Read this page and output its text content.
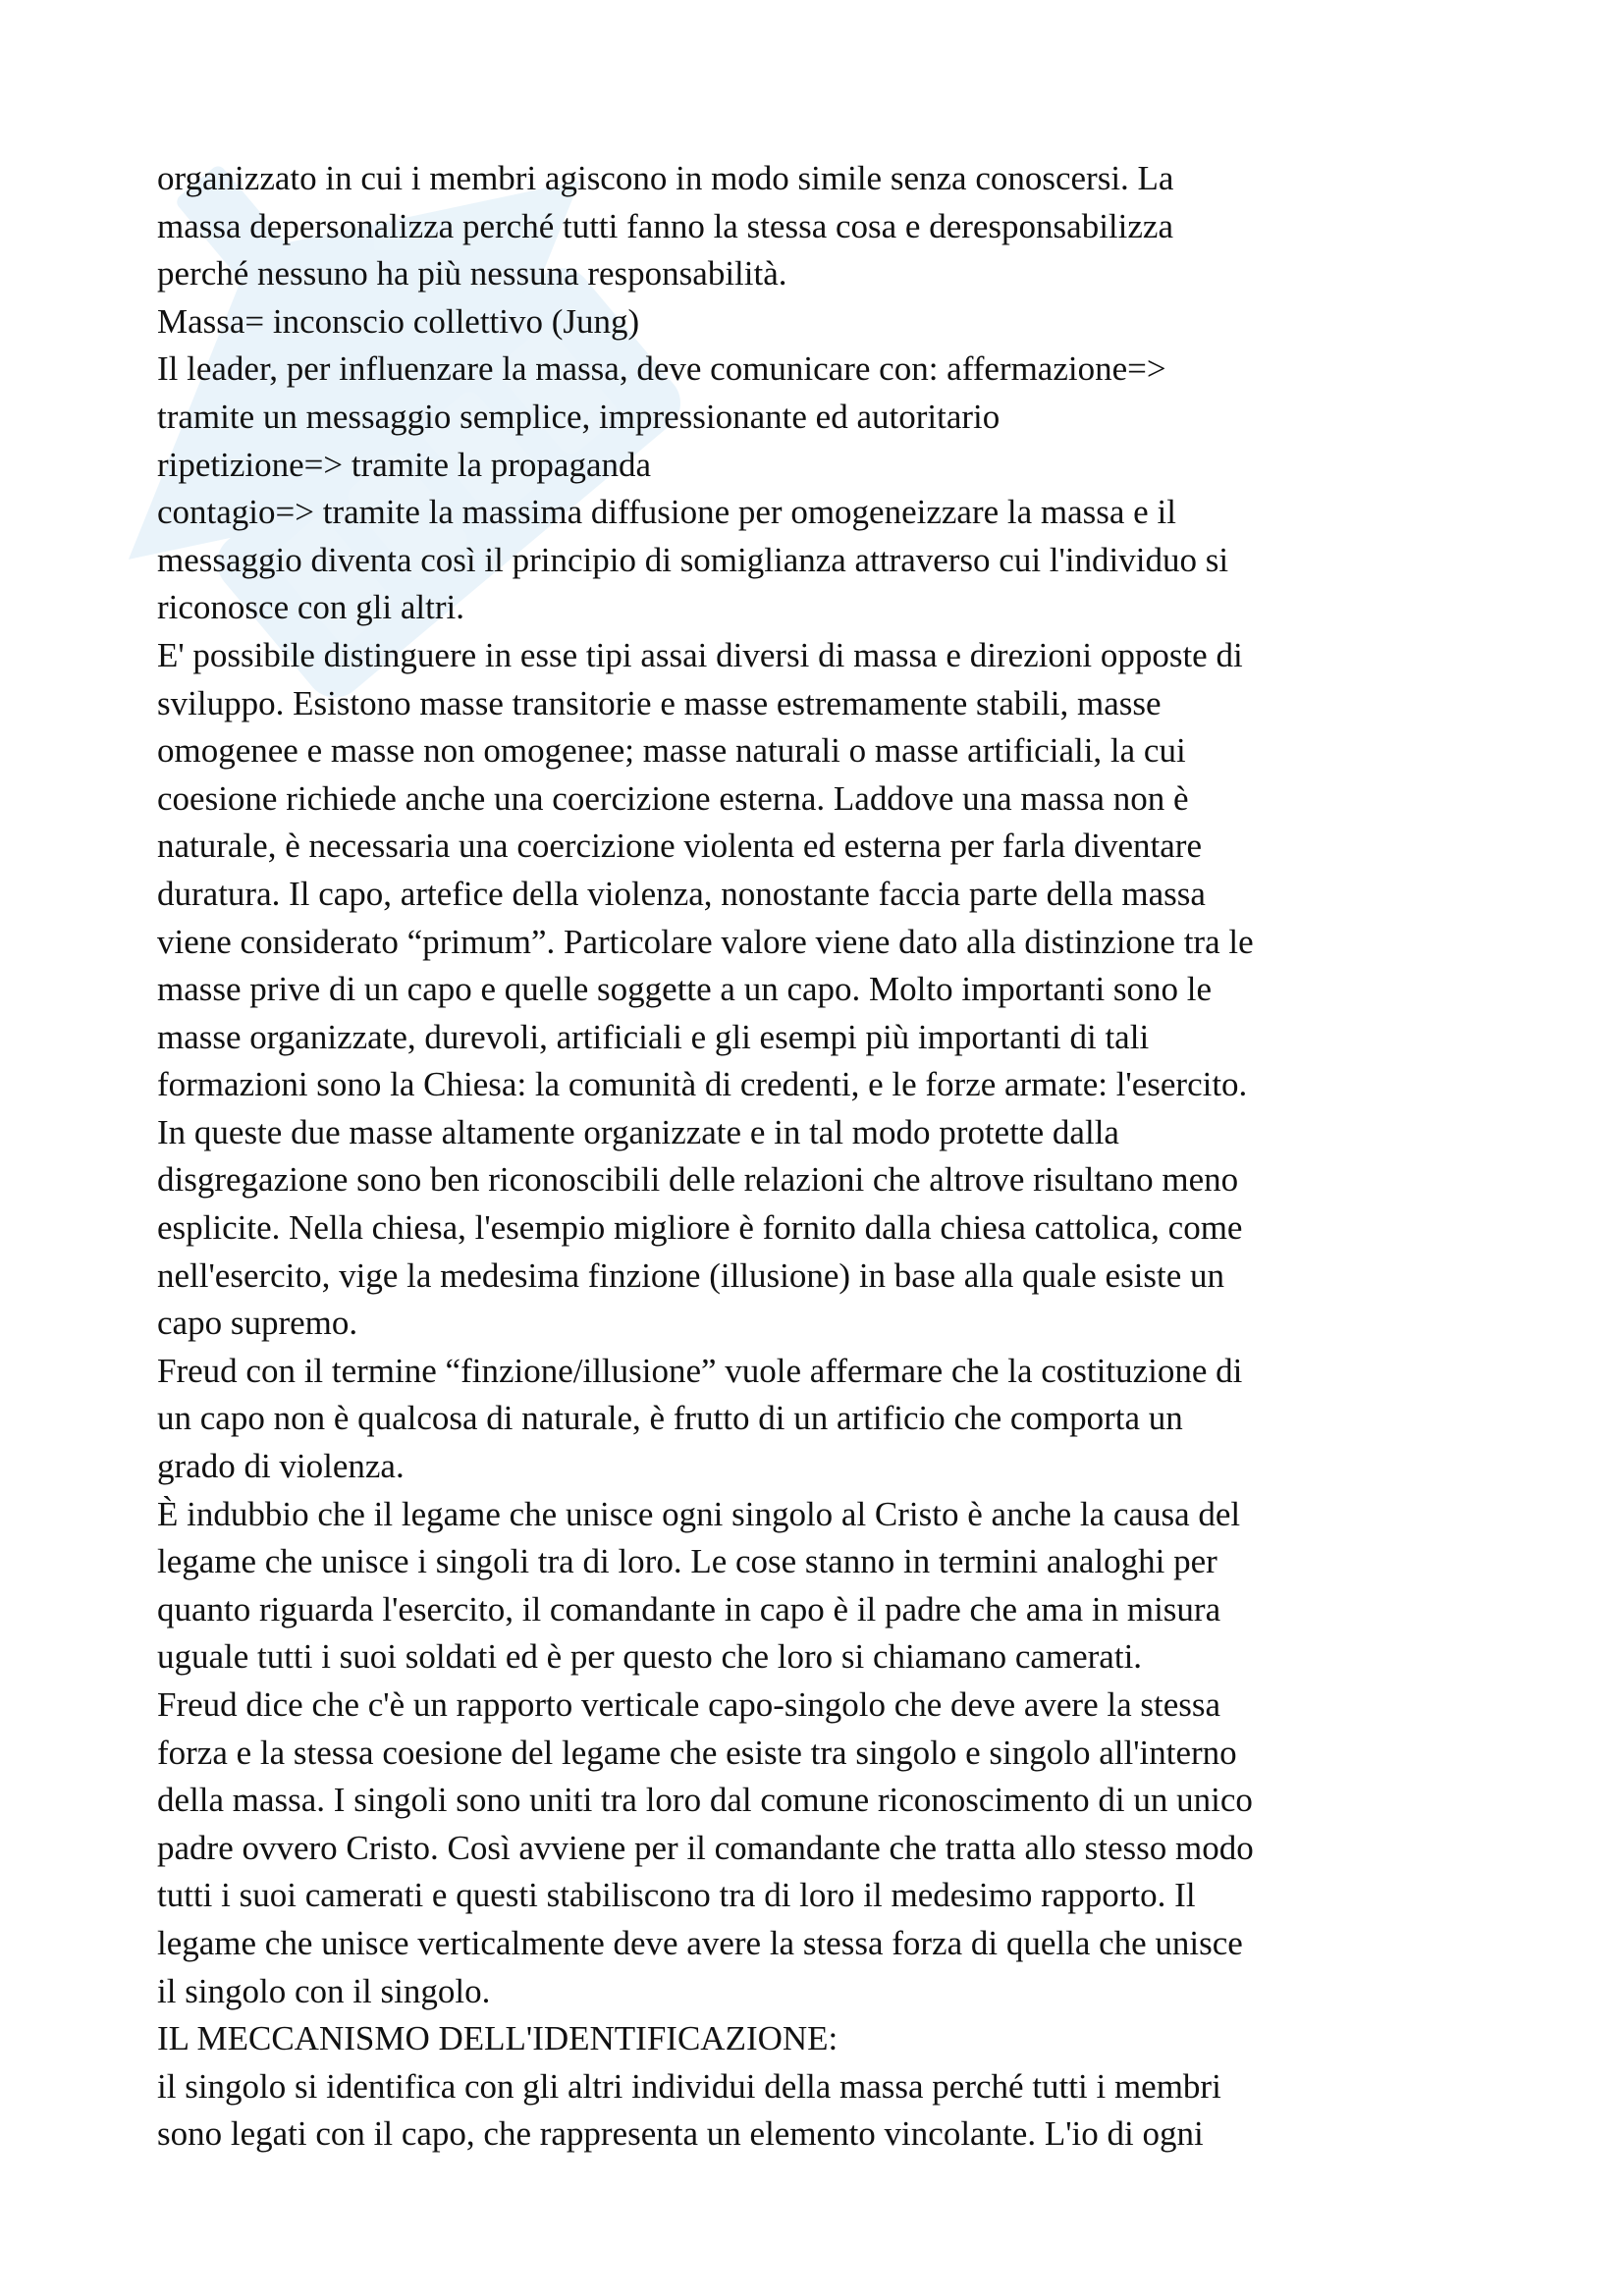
organizzato in cui i membri agiscono in modo simile senza conoscersi. La
massa depersonalizza perché tutti fanno la stessa cosa e deresponsabilizza
perché nessuno ha più nessuna responsabilità.
Massa= inconscio collettivo (Jung)
Il leader, per influenzare la massa, deve comunicare con: affermazione=>
tramite un messaggio semplice, impressionante ed autoritario
ripetizione=> tramite la propaganda
contagio=> tramite la massima diffusione per omogeneizzare la massa e il
messaggio diventa così il principio di somiglianza attraverso cui l'individuo si
riconosce con gli altri.
E' possibile distinguere in esse tipi assai diversi di massa e direzioni opposte di
sviluppo. Esistono masse transitorie e masse estremamente stabili, masse
omogenee e masse non omogenee; masse naturali o masse artificiali, la cui
coesione richiede anche una coercizione esterna. Laddove una massa non è
naturale, è necessaria una coercizione violenta ed esterna per farla diventare
duratura. Il capo, artefice della violenza, nonostante faccia parte della massa
viene considerato “primum”. Particolare valore viene dato alla distinzione tra le
masse prive di un capo e quelle soggette a un capo. Molto importanti sono le
masse organizzate, durevoli, artificiali e gli esempi più importanti di tali
formazioni sono la Chiesa: la comunità di credenti, e le forze armate: l'esercito.
In queste due masse altamente organizzate e in tal modo protette dalla
disgregazione sono ben riconoscibili delle relazioni che altrove risultano meno
esplicite. Nella chiesa, l'esempio migliore è fornito dalla chiesa cattolica, come
nell'esercito, vige la medesima finzione (illusione) in base alla quale esiste un
capo supremo.
Freud con il termine “finzione/illusione” vuole affermare che la costituzione di
un capo non è qualcosa di naturale, è frutto di un artificio che comporta un
grado di violenza.
È indubbio che il legame che unisce ogni singolo al Cristo è anche la causa del
legame che unisce i singoli tra di loro. Le cose stanno in termini analoghi per
quanto riguarda l'esercito, il comandante in capo è il padre che ama in misura
uguale tutti i suoi soldati ed è per questo che loro si chiamano camerati.
Freud dice che c'è un rapporto verticale capo-singolo che deve avere la stessa
forza e la stessa coesione del legame che esiste tra singolo e singolo all'interno
della massa. I singoli sono uniti tra loro dal comune riconoscimento di un unico
padre ovvero Cristo. Così avviene per il comandante che tratta allo stesso modo
tutti i suoi camerati e questi stabiliscono tra di loro il medesimo rapporto. Il
legame che unisce verticalmente deve avere la stessa forza di quella che unisce
il singolo con il singolo.
IL MECCANISMO DELL'IDENTIFICAZIONE:
il singolo si identifica con gli altri individui della massa perché tutti i membri
sono legati con il capo, che rappresenta un elemento vincolante. L'io di ogni
